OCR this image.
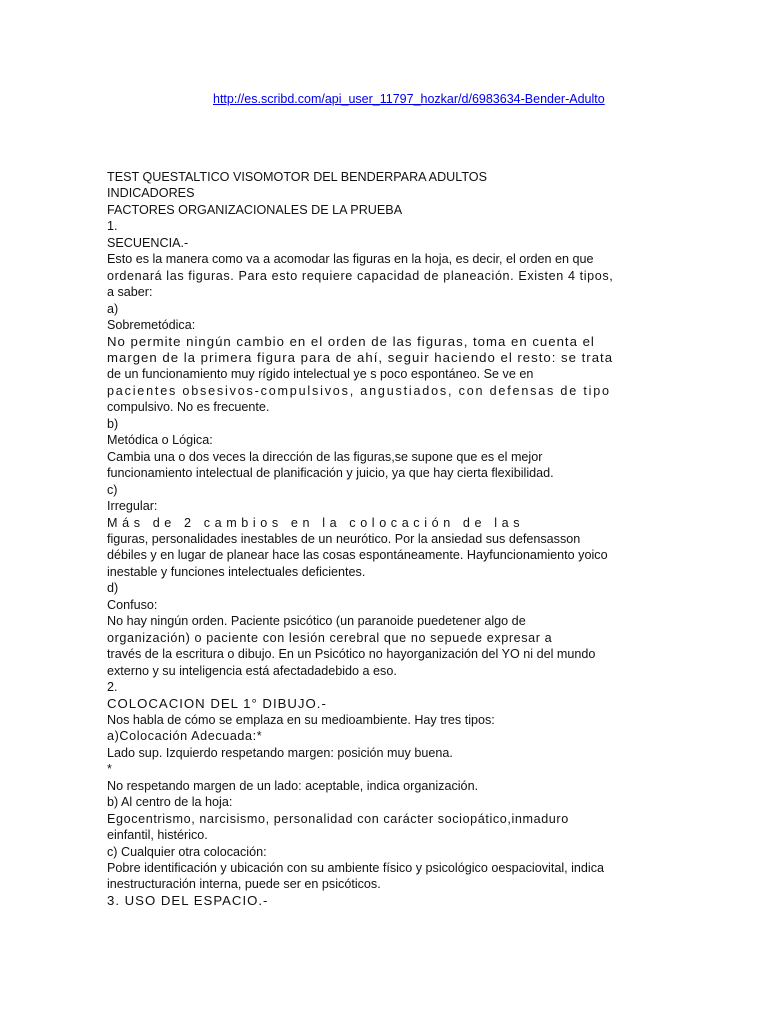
http://es.scribd.com/api_user_11797_hozkar/d/6983634-Bender-Adulto
TEST QUESTALTICO VISOMOTOR DEL BENDERPARA ADULTOS
INDICADORES
FACTORES ORGANIZACIONALES DE LA PRUEBA
1.
SECUENCIA.-
Esto es la manera como va a acomodar las figuras en la hoja, es decir, el orden en que
ordenará las figuras. Para esto requiere capacidad de planeación. Existen 4 tipos,
a saber:
a)
Sobremetódica:
No permite ningún cambio en el orden de las figuras, toma en cuenta el
margen de la primera figura para de ahí, seguir haciendo el resto: se trata
de un funcionamiento muy rígido intelectual ye s poco espontáneo. Se ve en
pacientes obsesivos-compulsivos, angustiados, con defensas de tipo
compulsivo. No es frecuente.
b)
Metódica o Lógica:
Cambia una o dos veces la dirección de las figuras,se supone que es el mejor
funcionamiento intelectual de planificación y juicio, ya que hay cierta flexibilidad.
c)
Irregular:
Más de 2 cambios en la colocación de las
figuras, personalidades inestables de un neurótico. Por la ansiedad sus defensasson
débiles y en lugar de planear hace las cosas espontáneamente. Hayfuncionamiento yoico
inestable y funciones intelectuales deficientes.
d)
Confuso:
No hay ningún orden. Paciente psicótico (un paranoide puedetener algo de
organización) o paciente con lesión cerebral que no sepuede expresar a
través de la escritura o dibujo. En un Psicótico no hayorganización del YO ni del mundo
externo y su inteligencia está afectadadebido a eso.
2.
COLOCACION DEL 1° DIBUJO.-
Nos habla de cómo se emplaza en su medioambiente. Hay tres tipos:
a)Colocación Adecuada:*
Lado sup. Izquierdo respetando margen: posición muy buena.
*
No respetando margen de un lado: aceptable, indica organización.
b) Al centro de la hoja:
Egocentrismo, narcisismo, personalidad con carácter sociopático,inmaduro
einfantil, histérico.
c) Cualquier otra colocación:
Pobre identificación y ubicación con su ambiente físico y psicológico oespaciovital, indica
inestructuración interna, puede ser en psicóticos.
3. USO DEL ESPACIO.-
